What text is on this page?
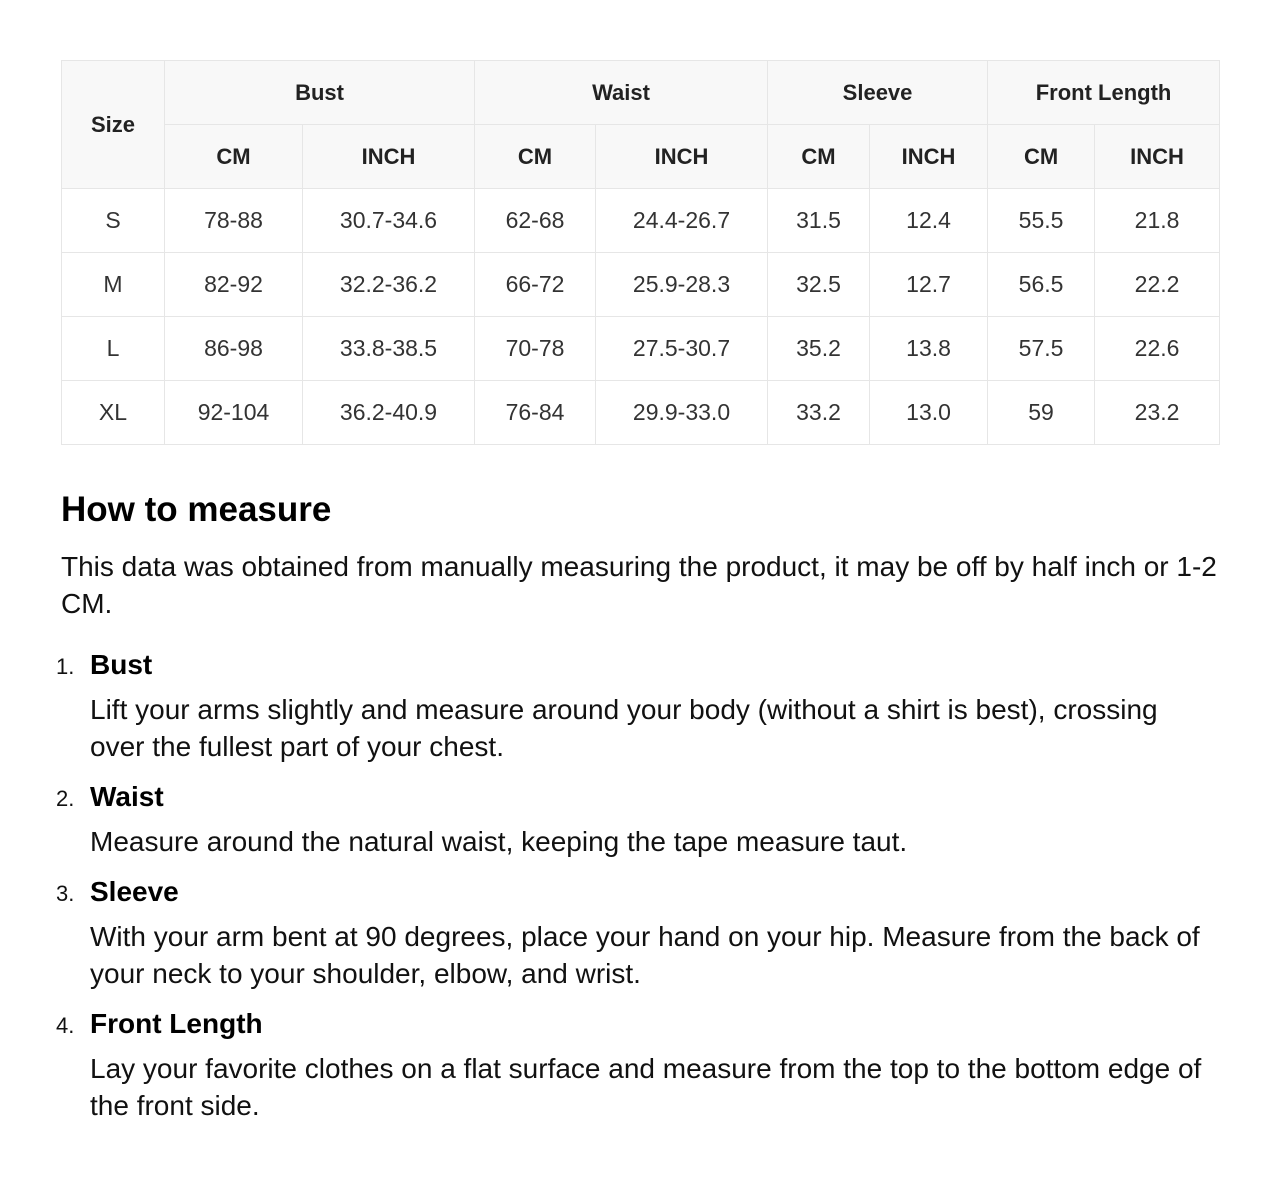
Size	Bust		Waist		Sleeve		Front Length	
	CM	INCH	CM	INCH	CM	INCH	CM	INCH
S	78-88	30.7-34.6	62-68	24.4-26.7	31.5	12.4	55.5	21.8
M	82-92	32.2-36.2	66-72	25.9-28.3	32.5	12.7	56.5	22.2
L	86-98	33.8-38.5	70-78	27.5-30.7	35.2	13.8	57.5	22.6
XL	92-104	36.2-40.9	76-84	29.9-33.0	33.2	13.0	59	23.2
How to measure

This data was obtained from manually measuring the product, it may be off by half inch or 1-2 CM.

1. Bust

Lift your arms slightly and measure around your body (without a shirt is best), crossing over the fullest part of your chest.

2. Waist

Measure around the natural waist, keeping the tape measure taut.

3. Sleeve

With your arm bent at 90 degrees, place your hand on your hip. Measure from the back of your neck to your shoulder, elbow, and wrist.

4. Front Length

Lay your favorite clothes on a flat surface and measure from the top to the bottom edge of the front side.
